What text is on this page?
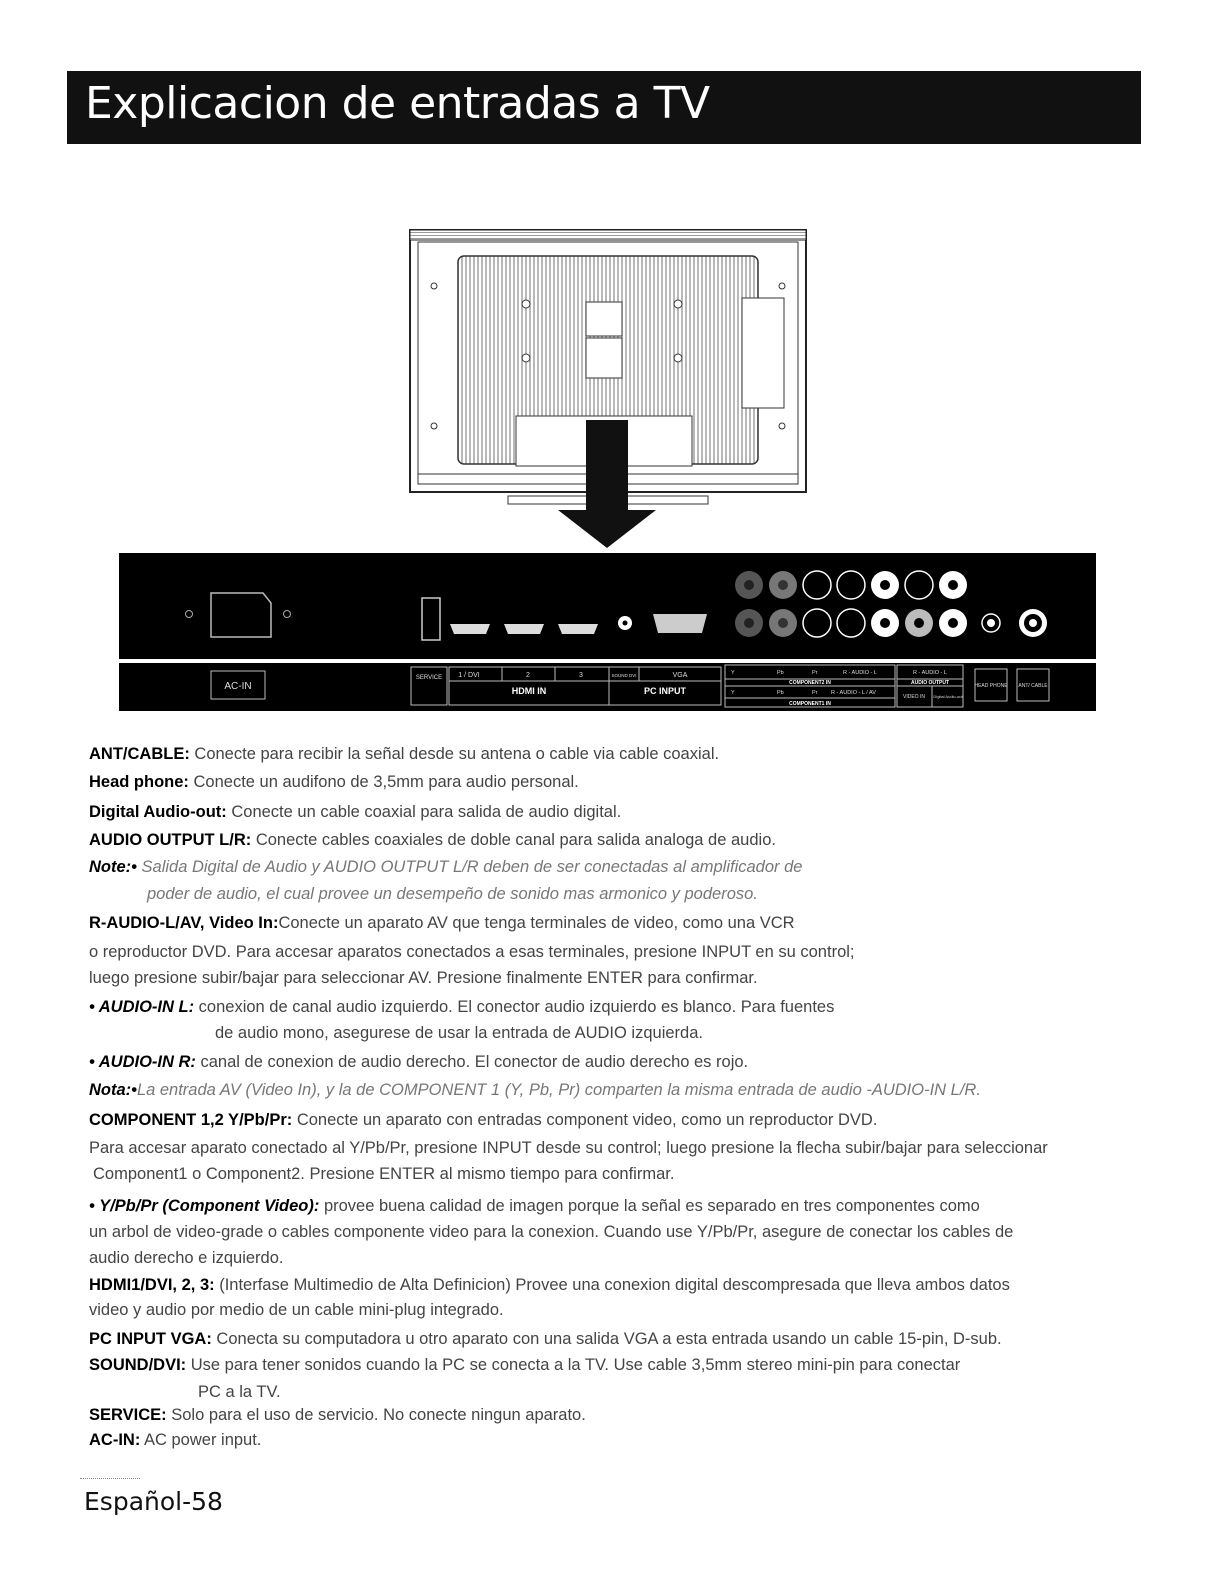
Explicacion de entradas a TV
AC-IN
SERVICE 1 / DVI	2	3
HDMI IN
SOUND DVI	VGA
PC INPUT
Y	Pb	Pr	R - AUDIO - L
COMPONENT2 IN
Y	Pb	Pr R - AUDIO - L / AV
COMPONENT1 IN
R - AUDIO - L
AUDIO OUTPUT
VIDEO IN Digital Audio-out
HEAD PHONE ANT/ CABLE
ANT/CABLE: Conecte para recibir la señal desde su antena o cable via cable coaxial.
Head phone: Conecte un audifono de 3,5mm para audio personal.
Digital Audio-out: Conecte un cable coaxial para salida de audio digital.
AUDIO OUTPUT L/R: Conecte cables coaxiales de doble canal para salida analoga de audio.
Note:• Salida Digital de Audio y AUDIO OUTPUT L/R deben de ser conectadas al amplificador de
poder de audio, el cual provee un desempeño de sonido mas armonico y poderoso.
R-AUDIO-L/AV, Video In:Conecte un aparato AV que tenga terminales de video, como una VCR
o reproductor DVD. Para accesar aparatos conectados a esas terminales, presione INPUT en su control;
luego presione subir/bajar para seleccionar AV. Presione finalmente ENTER para confirmar.
• AUDIO-IN L: conexion de canal audio izquierdo. El conector audio izquierdo es blanco. Para fuentes
de audio mono, asegurese de usar la entrada de AUDIO izquierda.
• AUDIO-IN R: canal de conexion de audio derecho. El conector de audio derecho es rojo.
Nota:•La entrada AV (Video In), y la de COMPONENT 1 (Y, Pb, Pr) comparten la misma entrada de audio -AUDIO-IN L/R.
COMPONENT 1,2 Y/Pb/Pr: Conecte un aparato con entradas component video, como un reproductor DVD.
Para accesar aparato conectado al Y/Pb/Pr, presione INPUT desde su control; luego presione la flecha subir/bajar para seleccionar
Component1 o Component2. Presione ENTER al mismo tiempo para confirmar.
• Y/Pb/Pr (Component Video): provee buena calidad de imagen porque la señal es separado en tres componentes como
un arbol de video-grade o cables componente video para la conexion. Cuando use Y/Pb/Pr, asegure de conectar los cables de
audio derecho e izquierdo.
HDMI1/DVI, 2, 3: (Interfase Multimedio de Alta Definicion) Provee una conexion digital descompresada que lleva ambos datos
video y audio por medio de un cable mini-plug integrado.
PC INPUT VGA: Conecta su computadora u otro aparato con una salida VGA a esta entrada usando un cable 15-pin, D-sub.
SOUND/DVI: Use para tener sonidos cuando la PC se conecta a la TV. Use cable 3,5mm stereo mini-pin para conectar
PC a la TV.
SERVICE: Solo para el uso de servicio. No conecte ningun aparato.
AC-IN: AC power input.
Español-58
